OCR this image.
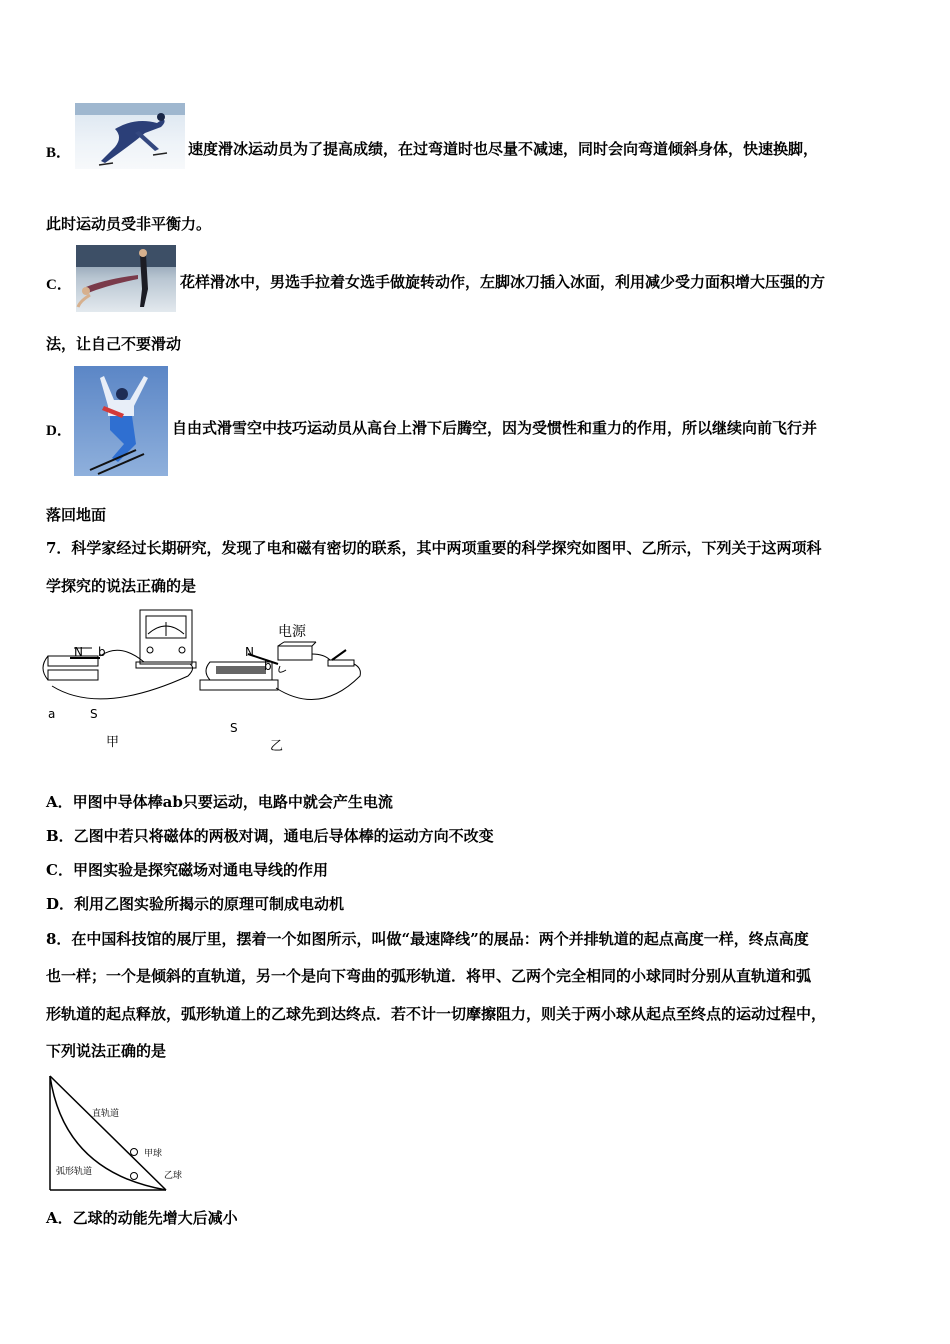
B．	速度滑冰运动员为了提高成绩，在过弯道时也尽量不减速，同时会向弯道倾斜身体，快速换脚，
此时运动员受非平衡力。
C．	花样滑冰中，男选手拉着女选手做旋转动作，左脚冰刀插入冰面，利用减少受力面积增大压强的方
法，让自己不要滑动
D．	自由式滑雪空中技巧运动员从高台上滑下后腾空，因为受惯性和重力的作用，所以继续向前飞行并
落回地面
7．科学家经过长期研究，发现了电和磁有密切的联系，其中两项重要的科学探究如图甲、乙所示，下列关于这两项科
学探究的说法正确的是
N b
a	S
甲
N
b
S
乙
电源
A．甲图中导体棒ab只要运动，电路中就会产生电流
B．乙图中若只将磁体的两极对调，通电后导体棒的运动方向不改变
C．甲图实验是探究磁场对通电导线的作用
D．利用乙图实验所揭示的原理可制成电动机
8．在中国科技馆的展厅里，摆着一个如图所示，叫做“最速降线”的展品：两个并排轨道的起点高度一样，终点高度
也一样；一个是倾斜的直轨道，另一个是向下弯曲的弧形轨道．将甲、乙两个完全相同的小球同时分别从直轨道和弧
形轨道的起点释放，弧形轨道上的乙球先到达终点．若不计一切摩擦阻力，则关于两小球从起点至终点的运动过程中，
下列说法正确的是
直轨道
甲球
弧形轨道	乙球
A．乙球的动能先增大后减小
